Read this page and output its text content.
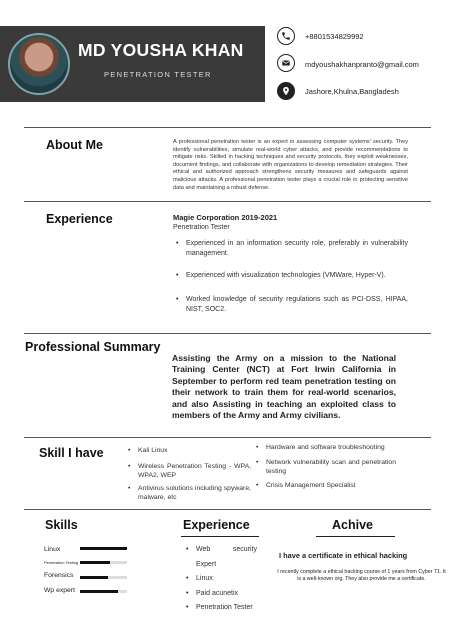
MD YOUSHA KHAN
PENETRATION TESTER
+8801534829992
mdyoushakhanpranto@gmail.com
Jashore,Khulna,Bangladesh
About Me	A professional penetration tester is an expert in assessing computer systems' security. They identify vulnerabilities, simulate real-world cyber attacks, and provide recommendations to mitigate risks. Skilled in hacking techniques and security protocols, they exploit weaknesses, document findings, and collaborate with organizations to develop remediation strategies. Their ethical and authorized approach strengthens security measures and safeguards against malicious attacks. A professional penetration tester plays a crucial role in protecting sensitive data and maintaining a robust defense.
Experience	Magie Corporation 2019-2021
Penetration Tester
• Experienced in an information security role, preferably in vulnerability management.
• Experienced with visualization technologies (VMWare, Hyper-V).
• Worked knowledge of security regulations such as PCI-DSS, HIPAA, NIST, SOC2.
Professional Summary
Assisting the Army on a mission to the National Training Center (NCT) at Fort Irwin California in September to perform red team penetration testing on their network to train them for real-world scenarios, and also Assisting in teaching an exploited class to members of the Army and Army civilians.
Skill I have
•	Kali Linux
• Wireless Penetration Testing - WPA, WPA2, WEP
• Antivirus solutions including spyware, malware, etc
• Hardware and software troubleshooting
• Network vulnerability scan and penetration testing
• Crisis Management Specialist
Skills
Linux
Penetration Testing
Forensics
Wp expert
Experience
• Web security Expert
• Linux
• Paid acunetix
• Penetration Tester
Achive
I have a certificate in ethical hacking
I recently complete a ethical hacking course of 1 years from Cyber 71. It is a well-known org. They also provide me a certificate.
